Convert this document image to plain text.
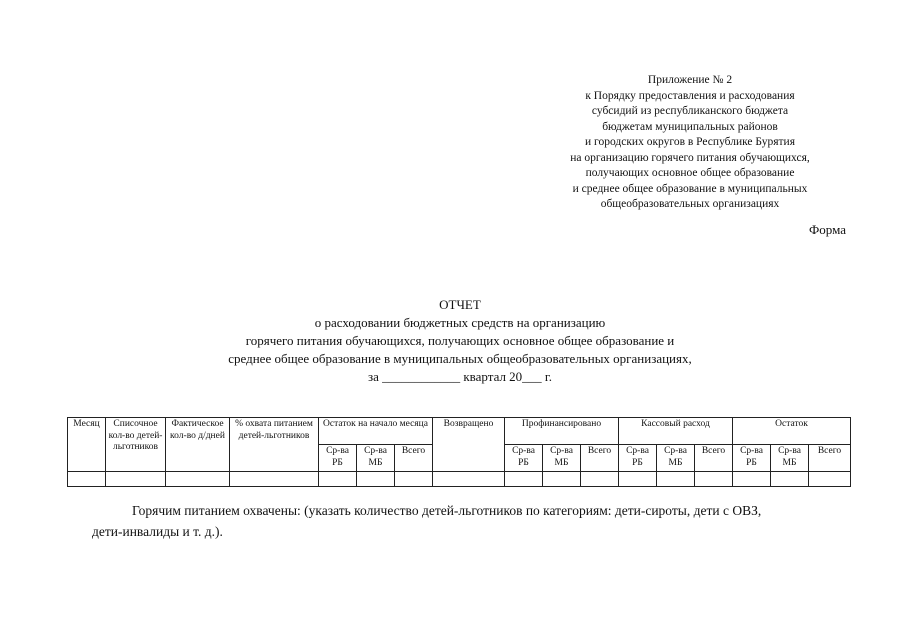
Приложение № 2
к Порядку предоставления и расходования
субсидий из республиканского бюджета
бюджетам муниципальных районов
и городских округов в Республике Бурятия
на организацию горячего питания обучающихся,
получающих основное общее образование
и среднее общее образование в муниципальных
общеобразовательных организациях
Форма
ОТЧЕТ
о расходовании бюджетных средств на организацию
горячего питания обучающихся, получающих основное общее образование и
среднее общее образование в муниципальных общеобразовательных организациях,
за ____________ квартал 20___ г.
Месяц	Списочное кол-во детей-льготников	Фактическое кол-во д/дней	% охвата питанием детей-льготников	Остаток на начало месяца			Возвращено	Профинансировано			Кассовый расход			Остаток		
				Ср-ва РБ	Ср-ва МБ	Всего		Ср-ва РБ	Ср-ва МБ	Всего	Ср-ва РБ	Ср-ва МБ	Всего	Ср-ва РБ	Ср-ва МБ	Всего

Горячим питанием охвачены: (указать количество детей-льготников по категориям: дети-сироты, дети с ОВЗ,
дети-инвалиды и т. д.).
